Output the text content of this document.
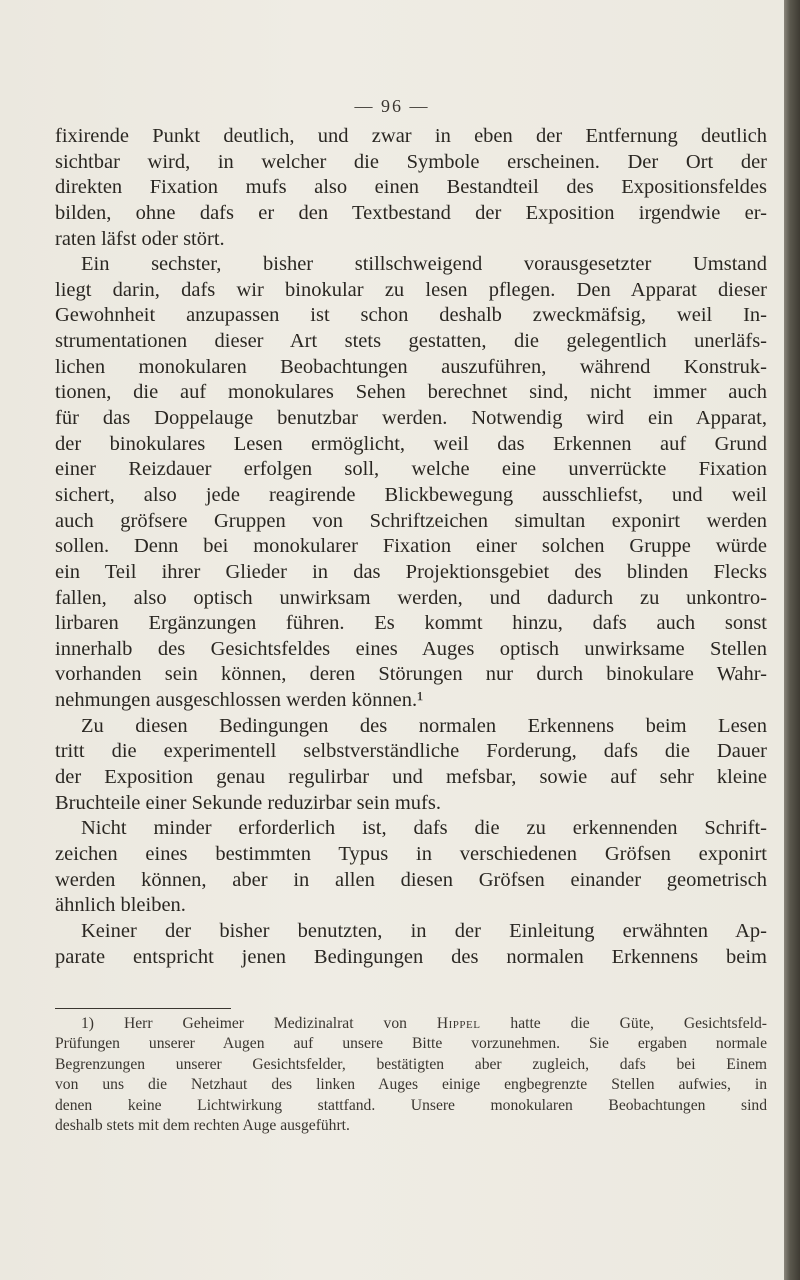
— 96 —

fixirende Punkt deutlich, und zwar in eben der Entfernung deutlich
sichtbar wird, in welcher die Symbole erscheinen. Der Ort der
direkten Fixation mufs also einen Bestandteil des Expositionsfeldes
bilden, ohne dafs er den Textbestand der Exposition irgendwie er-
raten läfst oder stört.

Ein sechster, bisher stillschweigend vorausgesetzter Umstand
liegt darin, dafs wir binokular zu lesen pflegen. Den Apparat dieser
Gewohnheit anzupassen ist schon deshalb zweckmäfsig, weil In-
strumentationen dieser Art stets gestatten, die gelegentlich unerläfs-
lichen monokularen Beobachtungen auszuführen, während Konstruk-
tionen, die auf monokulares Sehen berechnet sind, nicht immer auch
für das Doppelauge benutzbar werden. Notwendig wird ein Apparat,
der binokulares Lesen ermöglicht, weil das Erkennen auf Grund
einer Reizdauer erfolgen soll, welche eine unverrückte Fixation
sichert, also jede reagirende Blickbewegung ausschliefst, und weil
auch gröfsere Gruppen von Schriftzeichen simultan exponirt werden
sollen. Denn bei monokularer Fixation einer solchen Gruppe würde
ein Teil ihrer Glieder in das Projektionsgebiet des blinden Flecks
fallen, also optisch unwirksam werden, und dadurch zu unkontro-
lirbaren Ergänzungen führen. Es kommt hinzu, dafs auch sonst
innerhalb des Gesichtsfeldes eines Auges optisch unwirksame Stellen
vorhanden sein können, deren Störungen nur durch binokulare Wahr-
nehmungen ausgeschlossen werden können.¹

Zu diesen Bedingungen des normalen Erkennens beim Lesen
tritt die experimentell selbstverständliche Forderung, dafs die Dauer
der Exposition genau regulirbar und mefsbar, sowie auf sehr kleine
Bruchteile einer Sekunde reduzirbar sein mufs.

Nicht minder erforderlich ist, dafs die zu erkennenden Schrift-
zeichen eines bestimmten Typus in verschiedenen Gröfsen exponirt
werden können, aber in allen diesen Gröfsen einander geometrisch
ähnlich bleiben.

Keiner der bisher benutzten, in der Einleitung erwähnten Ap-
parate entspricht jenen Bedingungen des normalen Erkennens beim

1) Herr Geheimer Medizinalrat von Hippel hatte die Güte, Gesichtsfeld-
Prüfungen unserer Augen auf unsere Bitte vorzunehmen. Sie ergaben normale
Begrenzungen unserer Gesichtsfelder, bestätigten aber zugleich, dafs bei Einem
von uns die Netzhaut des linken Auges einige engbegrenzte Stellen aufwies, in
denen keine Lichtwirkung stattfand. Unsere monokularen Beobachtungen sind
deshalb stets mit dem rechten Auge ausgeführt.
